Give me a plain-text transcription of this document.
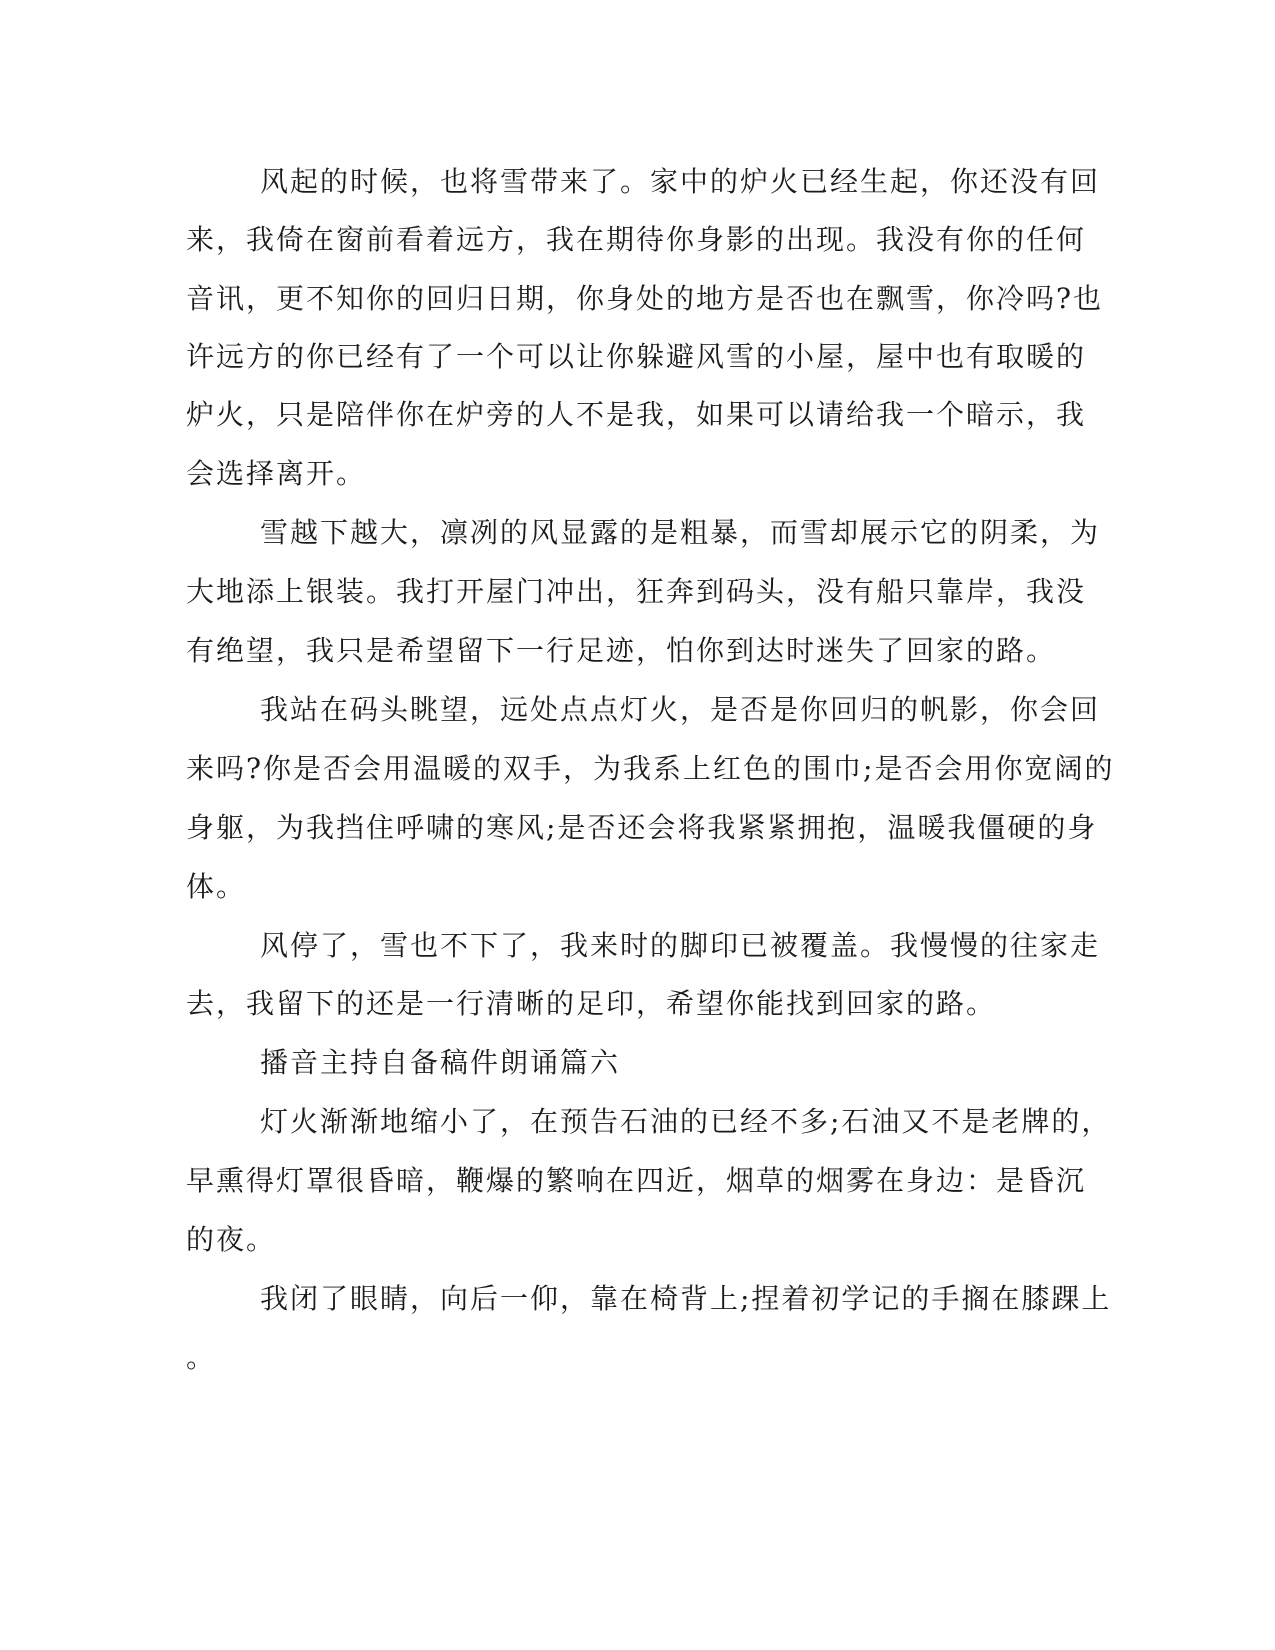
风起的时候，也将雪带来了。家中的炉火已经生起，你还没有回

来，我倚在窗前看着远方，我在期待你身影的出现。我没有你的任何

音讯，更不知你的回归日期，你身处的地方是否也在飘雪，你冷吗?也

许远方的你已经有了一个可以让你躲避风雪的小屋，屋中也有取暖的

炉火，只是陪伴你在炉旁的人不是我，如果可以请给我一个暗示，我

会选择离开。

雪越下越大，凛冽的风显露的是粗暴，而雪却展示它的阴柔，为

大地添上银装。我打开屋门冲出，狂奔到码头，没有船只靠岸，我没

有绝望，我只是希望留下一行足迹，怕你到达时迷失了回家的路。

我站在码头眺望，远处点点灯火，是否是你回归的帆影，你会回

来吗?你是否会用温暖的双手，为我系上红色的围巾;是否会用你宽阔的

身躯，为我挡住呼啸的寒风;是否还会将我紧紧拥抱，温暖我僵硬的身

体。

风停了，雪也不下了，我来时的脚印已被覆盖。我慢慢的往家走

去，我留下的还是一行清晰的足印，希望你能找到回家的路。

播音主持自备稿件朗诵篇六

灯火渐渐地缩小了，在预告石油的已经不多;石油又不是老牌的，

早熏得灯罩很昏暗，鞭爆的繁响在四近，烟草的烟雾在身边：是昏沉

的夜。

我闭了眼睛，向后一仰，靠在椅背上;捏着初学记的手搁在膝踝上

。
